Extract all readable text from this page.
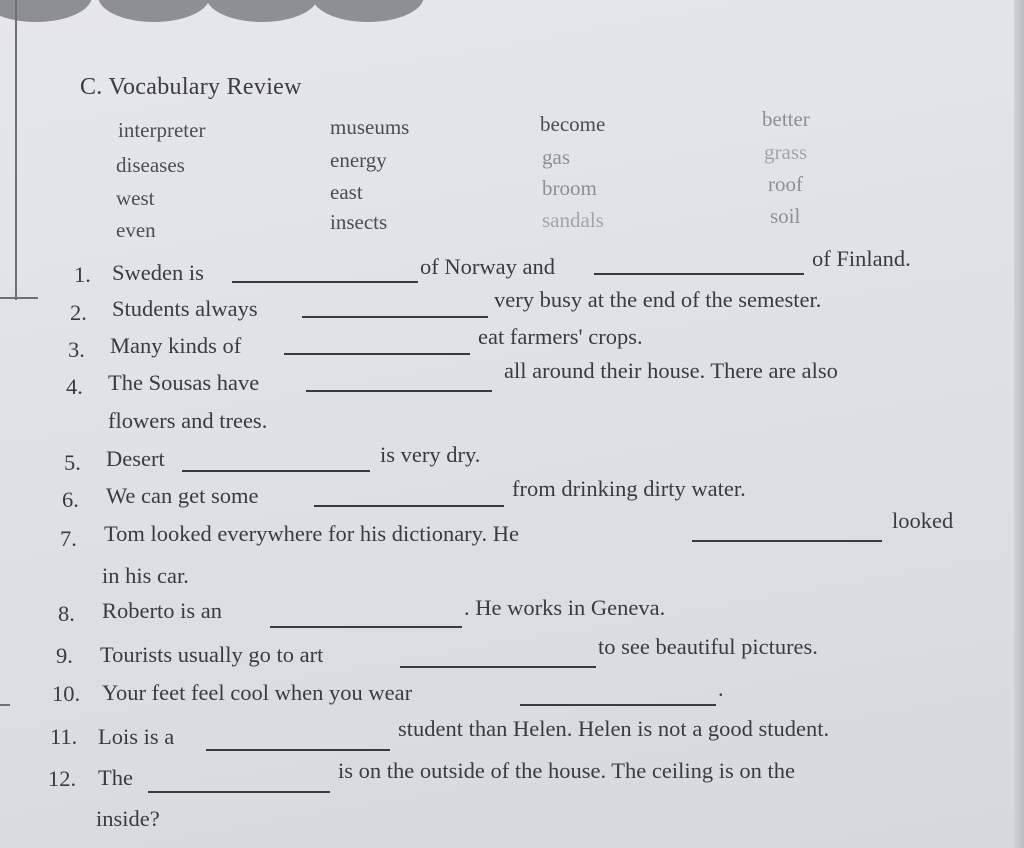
C. Vocabulary Review
interpreter	museums	become	better
diseases	energy	gas	grass
west	east	broom	roof
even	insects	sandals	soil
1. Sweden is	of Norway and	of Finland.
2. Students always	very busy at the end of the semester.
3. Many kinds of	eat farmers' crops.
4. The Sousas have	all around their house. There are also
flowers and trees.
5. Desert	is very dry.
6. We can get some	from drinking dirty water.
7. Tom looked everywhere for his dictionary. He
looked
in his car.
8. Roberto is an	. He works in Geneva.
9. Tourists usually go to art	to see beautiful pictures.
10. Your feet feel cool when you wear	.
11. Lois is a	student than Helen. Helen is not a good student.
12. The	is on the outside of the house. The ceiling is on the
inside?
